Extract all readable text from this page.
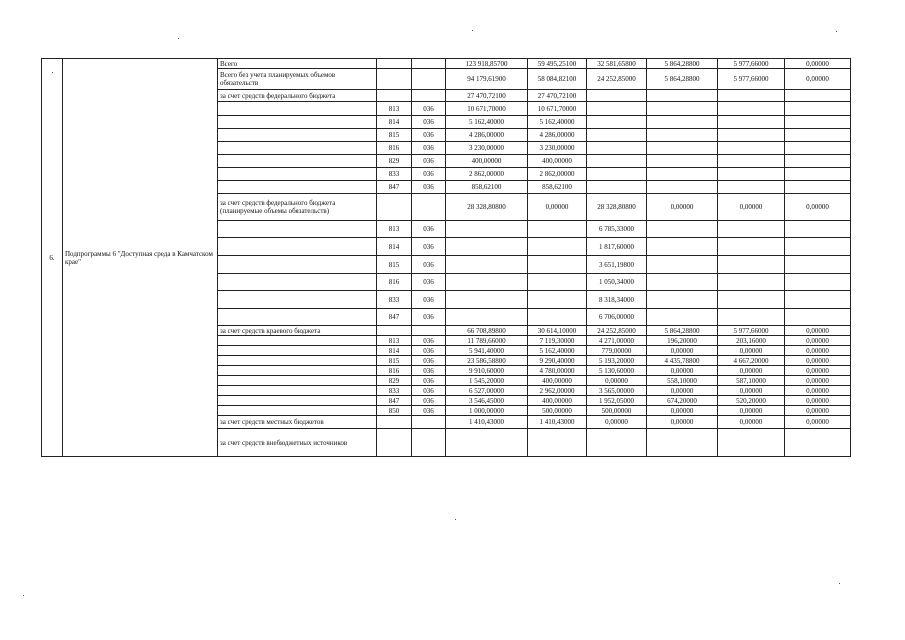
6.	Подпрограммы 6 "Доступная среда в Камчатском крае"	Всего			123 918,85700	59 495,25100	32 581,65800	5 864,28800	5 977,66000	0,00000
		Всего без учета планируемых объемов обязательств			94 179,61900	58 084,82100	24 252,85000	5 864,28800	5 977,66000	0,00000
		за счет средств федерального бюджета			27 470,72100	27 470,72100				
			813	036	10 671,70000	10 671,70000				
			814	036	5 162,40000	5 162,40000				
			815	036	4 286,00000	4 286,00000				
			816	036	3 230,00000	3 230,00000				
			829	036	400,00000	400,00000				
			833	036	2 862,00000	2 862,00000				
			847	036	858,62100	858,62100				
		за счет средств федерального бюджета (планируемые объемы обязательств)			28 328,80800	0,00000	28 328,80800	0,00000	0,00000	0,00000
			813	036			6 785,33000			
			814	036			1 817,60000			
			815	036			3 651,19800			
			816	036			1 050,34000			
			833	036			8 318,34000			
			847	036			6 706,00000			
		за счет средств краевого бюджета			66 708,89800	30 614,10000	24 252,85000	5 864,28800	5 977,66000	0,00000
			813	036	11 789,66000	7 119,30000	4 271,00000	196,20000	203,16000	0,00000
			814	036	5 941,40000	5 162,40000	779,00000	0,00000	0,00000	0,00000
			815	036	23 586,58800	9 290,40000	5 193,20000	4 435,78800	4 667,20000	0,00000
			816	036	9 910,60000	4 780,00000	5 130,60000	0,00000	0,00000	0,00000
			829	036	1 545,20000	400,00000	0,00000	558,10000	587,10000	0,00000
			833	036	6 527,00000	2 962,00000	3 565,00000	0,00000	0,00000	0,00000
			847	036	3 546,45000	400,00000	1 952,05000	674,20000	520,20000	0,00000
			850	036	1 000,00000	500,00000	500,00000	0,00000	0,00000	0,00000
		за счет средств местных бюджетов			1 410,43000	1 410,43000	0,00000	0,00000	0,00000	0,00000
		за счет средств внебюджетных источников								
